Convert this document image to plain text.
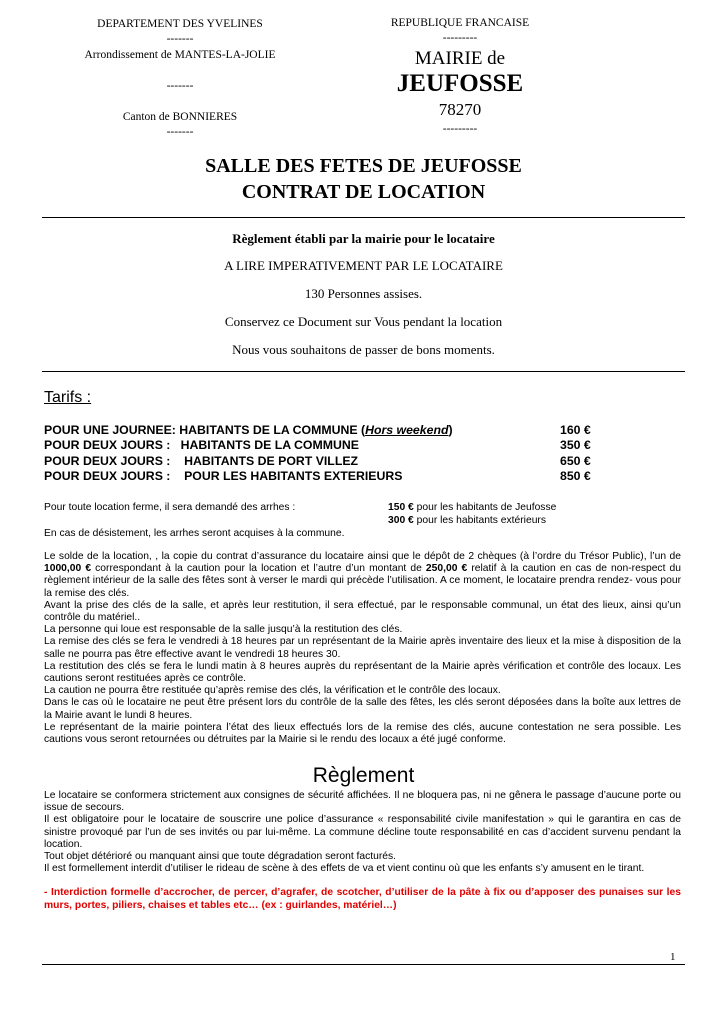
DEPARTEMENT DES YVELINES
-------
Arrondissement de MANTES-LA-JOLIE
-------
Canton de BONNIERES
-------
REPUBLIQUE FRANCAISE
---------
MAIRIE de
JEUFOSSE
78270
---------
SALLE DES FETES DE JEUFOSSE
CONTRAT DE LOCATION
Règlement établi par la mairie pour le locataire
A LIRE IMPERATIVEMENT PAR LE LOCATAIRE
130 Personnes assises.
Conservez ce Document sur Vous pendant la location
Nous vous souhaitons de passer de bons moments.
Tarifs :
POUR UNE JOURNEE: HABITANTS DE LA COMMUNE (Hors weekend)	160 €
POUR DEUX JOURS :   HABITANTS DE LA COMMUNE	350 €
POUR DEUX JOURS :    HABITANTS DE PORT VILLEZ	650 €
POUR DEUX JOURS :    POUR LES HABITANTS EXTERIEURS	850 €
Pour toute location ferme, il sera demandé des arrhes :	150 € pour les habitants de Jeufosse
300 € pour les habitants extérieurs
En cas de désistement, les arrhes seront acquises à la commune.
Le solde de la location, , la copie du contrat d’assurance du locataire ainsi que le dépôt de 2 chèques (à l’ordre du Trésor Public), l’un de 1000,00 € correspondant à la caution pour la location et l’autre d’un montant de 250,00 € relatif à la caution en cas de non-respect du règlement intérieur de la salle des fêtes sont à verser le mardi qui précède l’utilisation. A ce moment, le locataire prendra rendez- vous pour la remise des clés.
Avant la prise des clés de la salle, et après leur restitution, il sera effectué, par le responsable communal, un état des lieux, ainsi qu’un contrôle du matériel..
La personne qui loue est responsable de la salle jusqu’à la restitution des clés.
La remise des clés se fera le vendredi à 18 heures par un représentant de la Mairie après inventaire des lieux et la mise à disposition de la salle ne pourra pas être effective avant le vendredi 18 heures 30.
La restitution des clés se fera le lundi matin à 8 heures auprès du représentant de la Mairie après vérification et contrôle des locaux. Les cautions seront restituées après ce contrôle.
La caution ne pourra être restituée qu’après remise des clés, la vérification et le contrôle des locaux.
Dans le cas où le locataire ne peut être présent lors du contrôle de la salle des fêtes, les clés seront déposées dans la boîte aux lettres de la Mairie avant le lundi 8 heures.
Le représentant de la mairie pointera l’état des lieux effectués lors de la remise des clés, aucune contestation ne sera possible. Les cautions vous seront retournées ou détruites par la Mairie si le rendu des locaux a été jugé conforme.
Règlement
Le locataire se conformera strictement aux consignes de sécurité affichées. Il ne bloquera pas, ni ne gênera le passage d’aucune porte ou issue de secours.
Il est obligatoire pour le locataire de souscrire une police d’assurance « responsabilité civile manifestation » qui le garantira en cas de sinistre provoqué par l’un de ses invités ou par lui-même. La commune décline toute responsabilité en cas d’accident survenu pendant la location.
Tout objet détérioré ou manquant ainsi que toute dégradation seront facturés.
Il est formellement interdit d’utiliser le rideau de scène à des effets de va et vient continu où que les enfants s’y amusent en le tirant.
- Interdiction formelle d’accrocher, de percer, d’agrafer, de scotcher, d’utiliser de la pâte à fix ou d’apposer des punaises sur les murs, portes, piliers, chaises et tables etc… (ex : guirlandes, matériel…)
1
